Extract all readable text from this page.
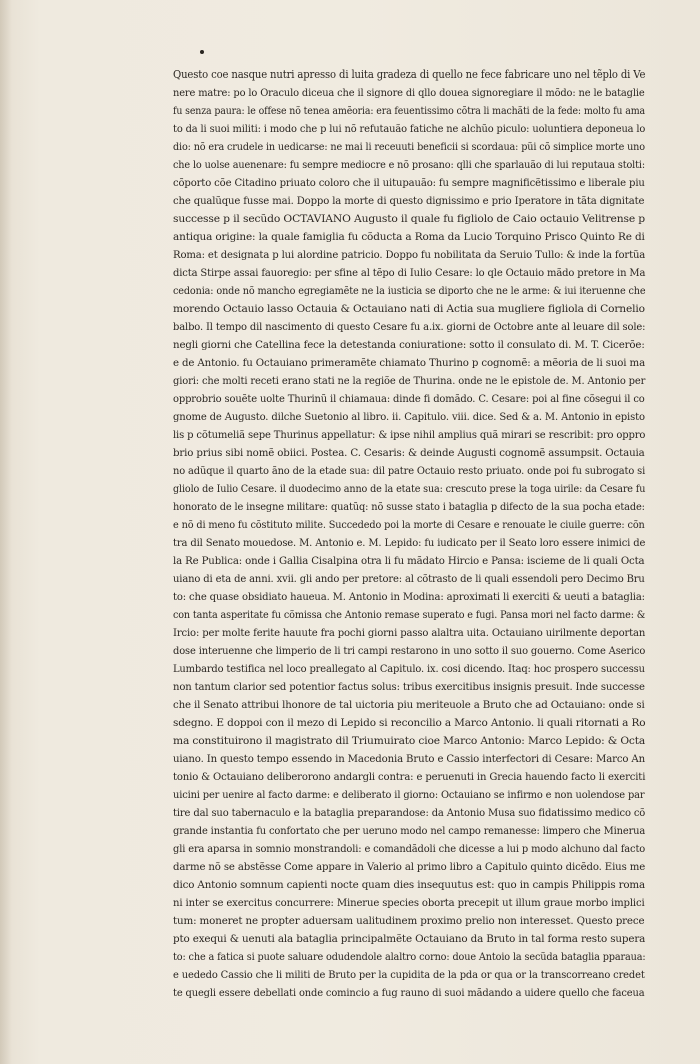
Questo coe nasque nutri apresso di luita gradeza di quello ne fece fabricare uno nel tẽplo di Ve
nere matre: po lo Oraculo diceua che il signore di qllo douea signoregiare il mõdo: ne le bataglie
fu senza paura: le offese nõ tenea amẽoria: era feuentissimo cõtra li machãti de la fede: molto fu ama
to da li suoi militi: i modo che p lui nõ refutauão fatiche ne alchũo piculo: uoluntiera deponeua lo
dio: nõ era crudele in uedicarse: ne mai li receuuti beneficii si scordaua: pũi cõ simplice morte uno
che lo uolse auenenare: fu sempre mediocre e nõ prosano: qlli che sparlauão di lui reputaua stolti:
cõporto cõe Citadino priuato coloro che il uitupauão: fu sempre magnificẽtissimo e liberale piu
che qualũque fusse mai. Doppo la morte di questo dignissimo e prio Iperatore in tãta dignitate
successe p il secũdo OCTAVIANO Augusto il quale fu figliolo de Caio octauio Velitrense p
antiqua origine: la quale famiglia fu cõducta a Roma da Lucio Torquino Prisco Quinto Re di
Roma: et designata p lui alordine patricio. Doppo fu nobilitata da Seruio Tullo: & inde la fortũa
dicta Stirpe assai fauoregio: per sfine al tẽpo di Iulio Cesare: lo qle Octauio mãdo pretore in Ma
cedonia: onde nõ mancho egregiamẽte ne la iusticia se diporto che ne le arme: & iui iteruenne che
morendo Octauio lasso Octauia & Octauiano nati di Actia sua mugliere figliola di Cornelio
balbo. Il tempo dil nascimento di questo Cesare fu a.ix. giorni de Octobre ante al leuare dil sole:
negli giorni che Catellina fece la detestanda coniuratione: sotto il consulato di. M. T. Cicerõe:
e de Antonio. fu Octauiano primeramẽte chiamato Thurino p cognomẽ: a mẽoria de li suoi ma
giori: che molti receti erano stati ne la regiõe de Thurina. onde ne le epistole de. M. Antonio per
opprobrio souẽte uolte Thurinũ il chiamaua: dinde fi domãdo. C. Cesare: poi al fine cõsegui il co
gnome de Augusto. dilche Suetonio al libro. ii. Capitulo. viii. dice. Sed & a. M. Antonio in episto
lis p cõtumeliã sepe Thurinus appellatur: & ipse nihil amplius quã mirari se rescribit: pro oppro
brio prius sibi nomẽ obiici. Postea. C. Cesaris: & deinde Augusti cognomẽ assumpsit. Octauia
no adũque il quarto ãno de la etade sua: dil patre Octauio resto priuato. onde poi fu subrogato si
gliolo de Iulio Cesare. il duodecimo anno de la etate sua: crescuto prese la toga uirile: da Cesare fu
honorato de le insegne militare: quatũq: nõ susse stato i bataglia p difecto de la sua pocha etade:
e nõ di meno fu cõstituto milite. Succededo poi la morte di Cesare e renouate le ciuile guerre: cõn
tra dil Senato mouedose. M. Antonio e. M. Lepido: fu iudicato per il Seato loro essere inimici de
la Re Publica: onde i Gallia Cisalpina otra li fu mãdato Hircio e Pansa: iscieme de li quali Octa
uiano di eta de anni. xvii. gli ando per pretore: al cõtrasto de li quali essendoli pero Decimo Bru
to: che quase obsidiato haueua. M. Antonio in Modina: aproximati li exerciti & ueuti a bataglia:
con tanta asperitate fu cõmissa che Antonio remase superato e fugi. Pansa mori nel facto darme: &
Ircio: per molte ferite hauute fra pochi giorni passo alaltra uita. Octauiano uirilmente deportan
dose interuenne che limperio de li tri campi restarono in uno sotto il suo gouerno. Come Aserico
Lumbardo testifica nel loco preallegato al Capitulo. ix. cosi dicendo. Itaq: hoc prospero successu
non tantum clarior sed potentior factus solus: tribus exercitibus insignis presuit. Inde successe
che il Senato attribui lhonore de tal uictoria piu meriteuole a Bruto che ad Octauiano: onde si
sdegno. E doppoi con il mezo di Lepido si reconcilio a Marco Antonio. li quali ritornati a Ro
ma constituirono il magistrato dil Triumuirato cioe Marco Antonio: Marco Lepido: & Octa
uiano. In questo tempo essendo in Macedonia Bruto e Cassio interfectori di Cesare: Marco An
tonio & Octauiano deliberorono andargli contra: e peruenuti in Grecia hauendo facto li exerciti
uicini per uenire al facto darme: e deliberato il giorno: Octauiano se infirmo e non uolendose par
tire dal suo tabernaculo e la bataglia preparandose: da Antonio Musa suo fidatissimo medico cõ
grande instantia fu confortato che per ueruno modo nel campo remanesse: limpero che Minerua
gli era aparsa in somnio monstrandoli: e comandãdoli che dicesse a lui p modo alchuno dal facto
darme nõ se abstẽsse Come appare in Valerio al primo libro a Capitulo quinto dicẽdo. Eius me
dico Antonio somnum capienti nocte quam dies insequutus est: quo in campis Philippis roma
ni inter se exercitus concurrere: Minerue species oborta precepit ut illum graue morbo implici
tum: moneret ne propter aduersam ualitudinem proximo prelio non interesset. Questo prece
pto exequi & uenuti ala bataglia principalmẽte Octauiano da Bruto in tal forma resto supera
to: che a fatica si puote saluare odudendole alaltro corno: doue Antoio la secũda bataglia pparaua:
e uededo Cassio che li militi de Bruto per la cupidita de la pda or qua or la transcorreano credet
te quegli essere debellati onde comincio a fug rauno di suoi mãdando a uidere quello che faceua
